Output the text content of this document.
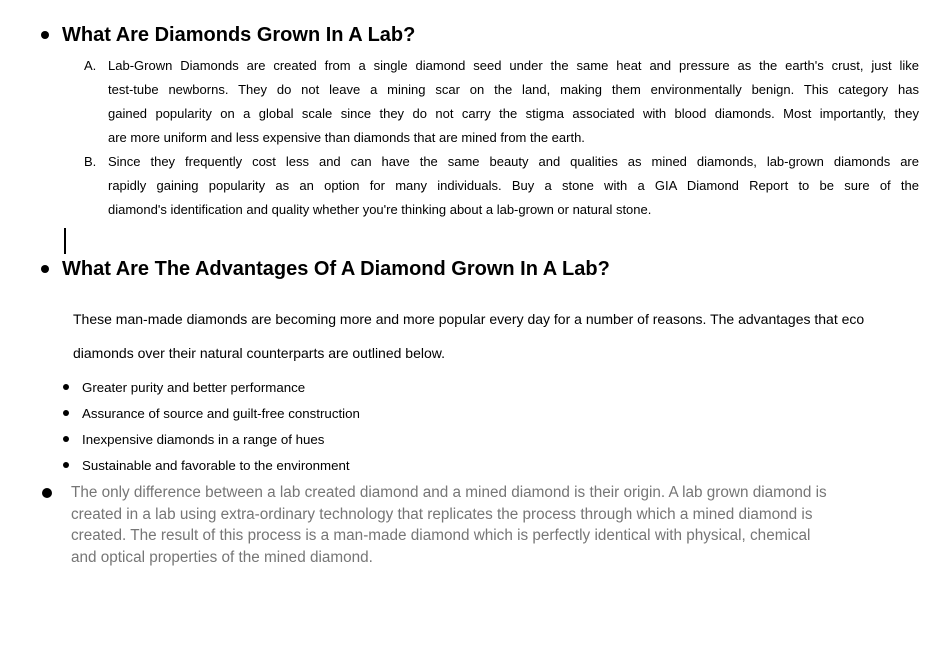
What Are Diamonds Grown In A Lab?
A. Lab-Grown Diamonds are created from a single diamond seed under the same heat and pressure as the earth's crust, just like
test-tube newborns. They do not leave a mining scar on the land, making them environmentally benign. This category has
gained popularity on a global scale since they do not carry the stigma associated with blood diamonds. Most importantly, they
are more uniform and less expensive than diamonds that are mined from the earth.
B. Since they frequently cost less and can have the same beauty and qualities as mined diamonds, lab-grown diamonds are
rapidly gaining popularity as an option for many individuals. Buy a stone with a GIA Diamond Report to be sure of the
diamond's identification and quality whether you're thinking about a lab-grown or natural stone.
What Are The Advantages Of A Diamond Grown In A Lab?
These man-made diamonds are becoming more and more popular every day for a number of reasons. The advantages that eco
diamonds over their natural counterparts are outlined below.
Greater purity and better performance
Assurance of source and guilt-free construction
Inexpensive diamonds in a range of hues
Sustainable and favorable to the environment
The only difference between a lab created diamond and a mined diamond is their origin. A lab grown diamond is
created in a lab using extra-ordinary technology that replicates the process through which a mined diamond is
created. The result of this process is a man-made diamond which is perfectly identical with physical, chemical
and optical properties of the mined diamond.
